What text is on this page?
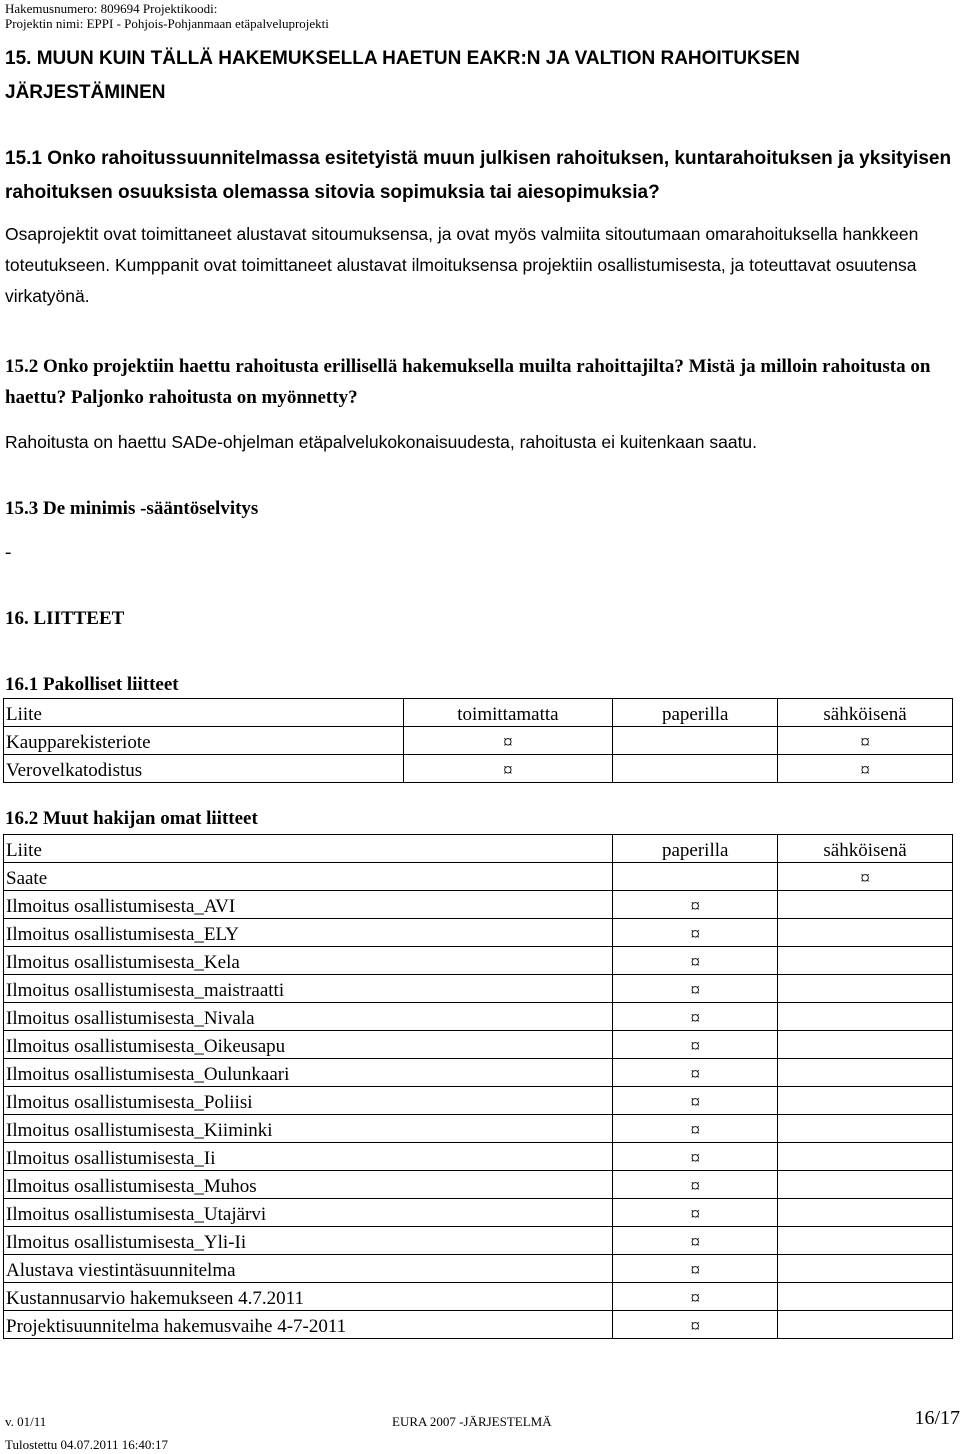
Hakemusnumero: 809694 Projektikoodi:
Projektin nimi: EPPI - Pohjois-Pohjanmaan etäpalveluprojekti
15. MUUN KUIN TÄLLÄ HAKEMUKSELLA HAETUN EAKR:N JA VALTION RAHOITUKSEN JÄRJESTÄMINEN
15.1 Onko rahoitussuunnitelmassa esitetyistä muun julkisen rahoituksen, kuntarahoituksen ja yksityisen rahoituksen osuuksista olemassa sitovia sopimuksia tai aiesopimuksia?
Osaprojektit ovat toimittaneet alustavat sitoumuksensa, ja ovat myös valmiita sitoutumaan omarahoituksella hankkeen toteutukseen. Kumppanit ovat toimittaneet alustavat ilmoituksensa projektiin osallistumisesta, ja toteuttavat osuutensa virkatyönä.
15.2 Onko projektiin haettu rahoitusta erillisellä hakemuksella muilta rahoittajilta? Mistä ja milloin rahoitusta on haettu? Paljonko rahoitusta on myönnetty?
Rahoitusta on haettu SADe-ohjelman etäpalvelukokonaisuudesta, rahoitusta ei kuitenkaan saatu.
15.3 De minimis -sääntöselvitys
-
16. LIITTEET
16.1 Pakolliset liitteet
Liite	toimittamatta	paperilla	sähköisenä
Kaupparekisteriote	¤		¤
Verovelkatodistus	¤		¤
16.2 Muut hakijan omat liitteet
Liite	paperilla	sähköisenä
Saate		¤
Ilmoitus osallistumisesta_AVI	¤	
Ilmoitus osallistumisesta_ELY	¤	
Ilmoitus osallistumisesta_Kela	¤	
Ilmoitus osallistumisesta_maistraatti	¤	
Ilmoitus osallistumisesta_Nivala	¤	
Ilmoitus osallistumisesta_Oikeusapu	¤	
Ilmoitus osallistumisesta_Oulunkaari	¤	
Ilmoitus osallistumisesta_Poliisi	¤	
Ilmoitus osallistumisesta_Kiiminki	¤	
Ilmoitus osallistumisesta_Ii	¤	
Ilmoitus osallistumisesta_Muhos	¤	
Ilmoitus osallistumisesta_Utajärvi	¤	
Ilmoitus osallistumisesta_Yli-Ii	¤	
Alustava viestintäsuunnitelma	¤	
Kustannusarvio hakemukseen 4.7.2011	¤	
Projektisuunnitelma hakemusvaihe 4-7-2011	¤	
v. 01/11	EURA 2007 -JÄRJESTELMÄ
Tulostettu 04.07.2011 16:40:17
16/17
